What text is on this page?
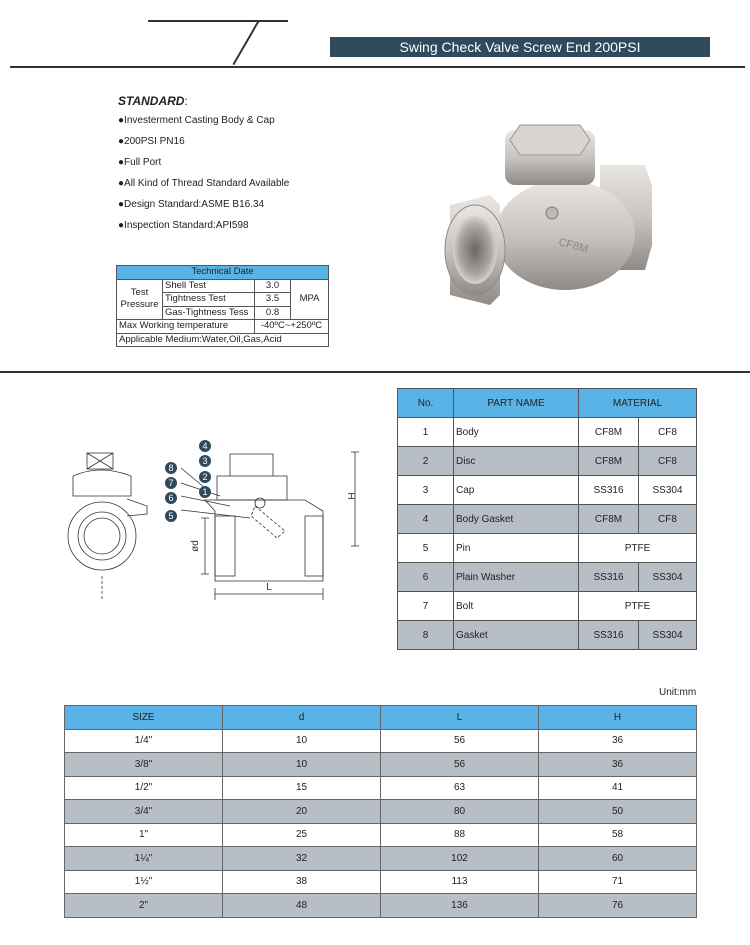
Swing Check Valve Screw End 200PSI
STANDARD:
●Investerment Casting Body & Cap
●200PSI PN16
●Full Port
●All Kind of Thread Standard Available
●Design Standard:ASME B16.34
●Inspection Standard:API598
Technical Date			
Test Pressure	Shell Test	3.0	MPA
	Tightness Test	3.5	
	Gas-Tightness Tess	0.8	
Max Working temperature		-40ºC~+250ºC	
Applicable Medium:Water,Oil,Gas,Acid			
CF8M
8
7
6
5
4
3
2
1	H
ød
L
No.	PART NAME	MATERIAL	
1	Body	CF8M	CF8
2	Disc	CF8M	CF8
3	Cap	SS316	SS304
4	Body Gasket	CF8M	CF8
5	Pin	PTFE	
6	Plain Washer	SS316	SS304
7	Bolt	PTFE	
8	Gasket	SS316	SS304
Unit:mm
SIZE	d	L	H
1/4"	10	56	36
3/8"	10	56	36
1/2"	15	63	41
3/4"	20	80	50
1"	25	88	58
1¼"	32	102	60
1½"	38	113	71
2"	48	136	76
